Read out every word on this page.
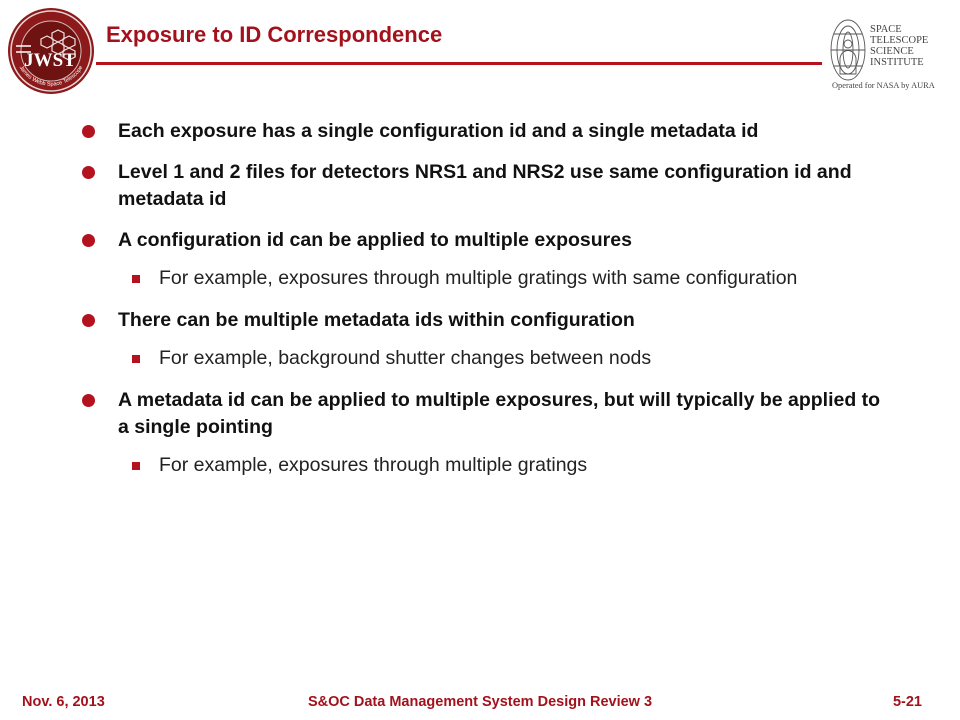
JWST
James Webb Space Telescope
Exposure to ID Correspondence	SPACE
TELESCOPE
SCIENCE
INSTITUTE
Operated for NASA by AURA
Each exposure has a single configuration id and a single metadata id
Level 1 and 2 files for detectors NRS1 and NRS2 use same configuration id and metadata id
A configuration id can be applied to multiple exposures
For example, exposures through multiple gratings with same configuration
There can be multiple metadata ids within configuration
For example, background shutter changes between nods
A metadata id can be applied to multiple exposures, but will typically be applied to a single pointing
For example, exposures through multiple gratings
Nov. 6, 2013	S&OC Data Management System Design Review 3	5-21
